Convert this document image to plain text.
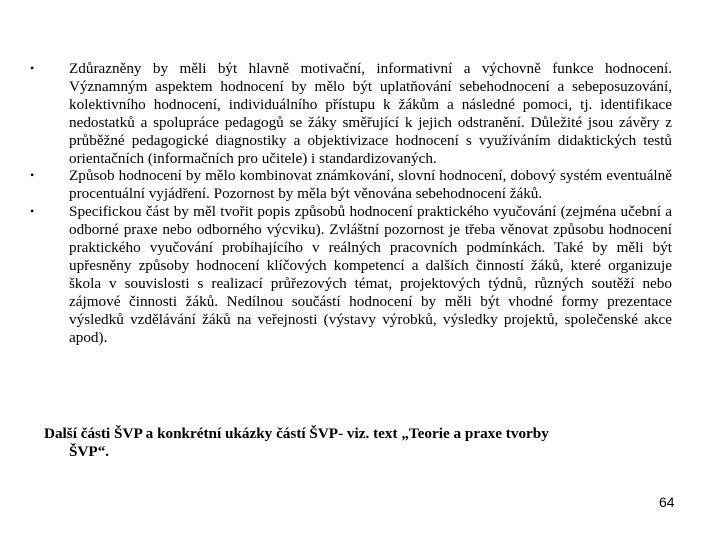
• Zdůrazněny by měli být hlavně motivační, informativní a výchovně funkce hodnocení. Významným aspektem hodnocení by mělo být uplatňování sebehodnocení a sebeposuzování, kolektivního hodnocení, individuálního přístupu k žákům a následné pomoci, tj. identifikace nedostatků a spolupráce pedagogů se žáky směřující k jejich odstranění. Důležité jsou závěry z průběžné pedagogické diagnostiky a objektivizace hodnocení s využíváním didaktických testů orientačních (informačních pro učitele) i standardizovaných.
• Způsob hodnocení by mělo kombinovat známkování, slovní hodnocení, dobový systém eventuálně procentuální vyjádření. Pozornost by měla být věnována sebehodnocení žáků.
• Specifickou část by měl tvořit popis způsobů hodnocení praktického vyučování (zejména učební a odborné praxe nebo odborného výcviku). Zvláštní pozornost je třeba věnovat způsobu hodnocení praktického vyučování probíhajícího v reálných pracovních podmínkách. Také by měli být upřesněny způsoby hodnocení klíčových kompetencí a dalších činností žáků, které organizuje škola v souvislosti s realizací průřezových témat, projektových týdnů, různých soutěží nebo zájmové činnosti žáků. Nedílnou součástí hodnocení by měli být vhodné formy prezentace výsledků vzdělávání žáků na veřejnosti (výstavy výrobků, výsledky projektů, společenské akce apod).
Další části ŠVP a konkrétní ukázky částí ŠVP- viz. text „Teorie a praxe tvorby
ŠVP“.
64
